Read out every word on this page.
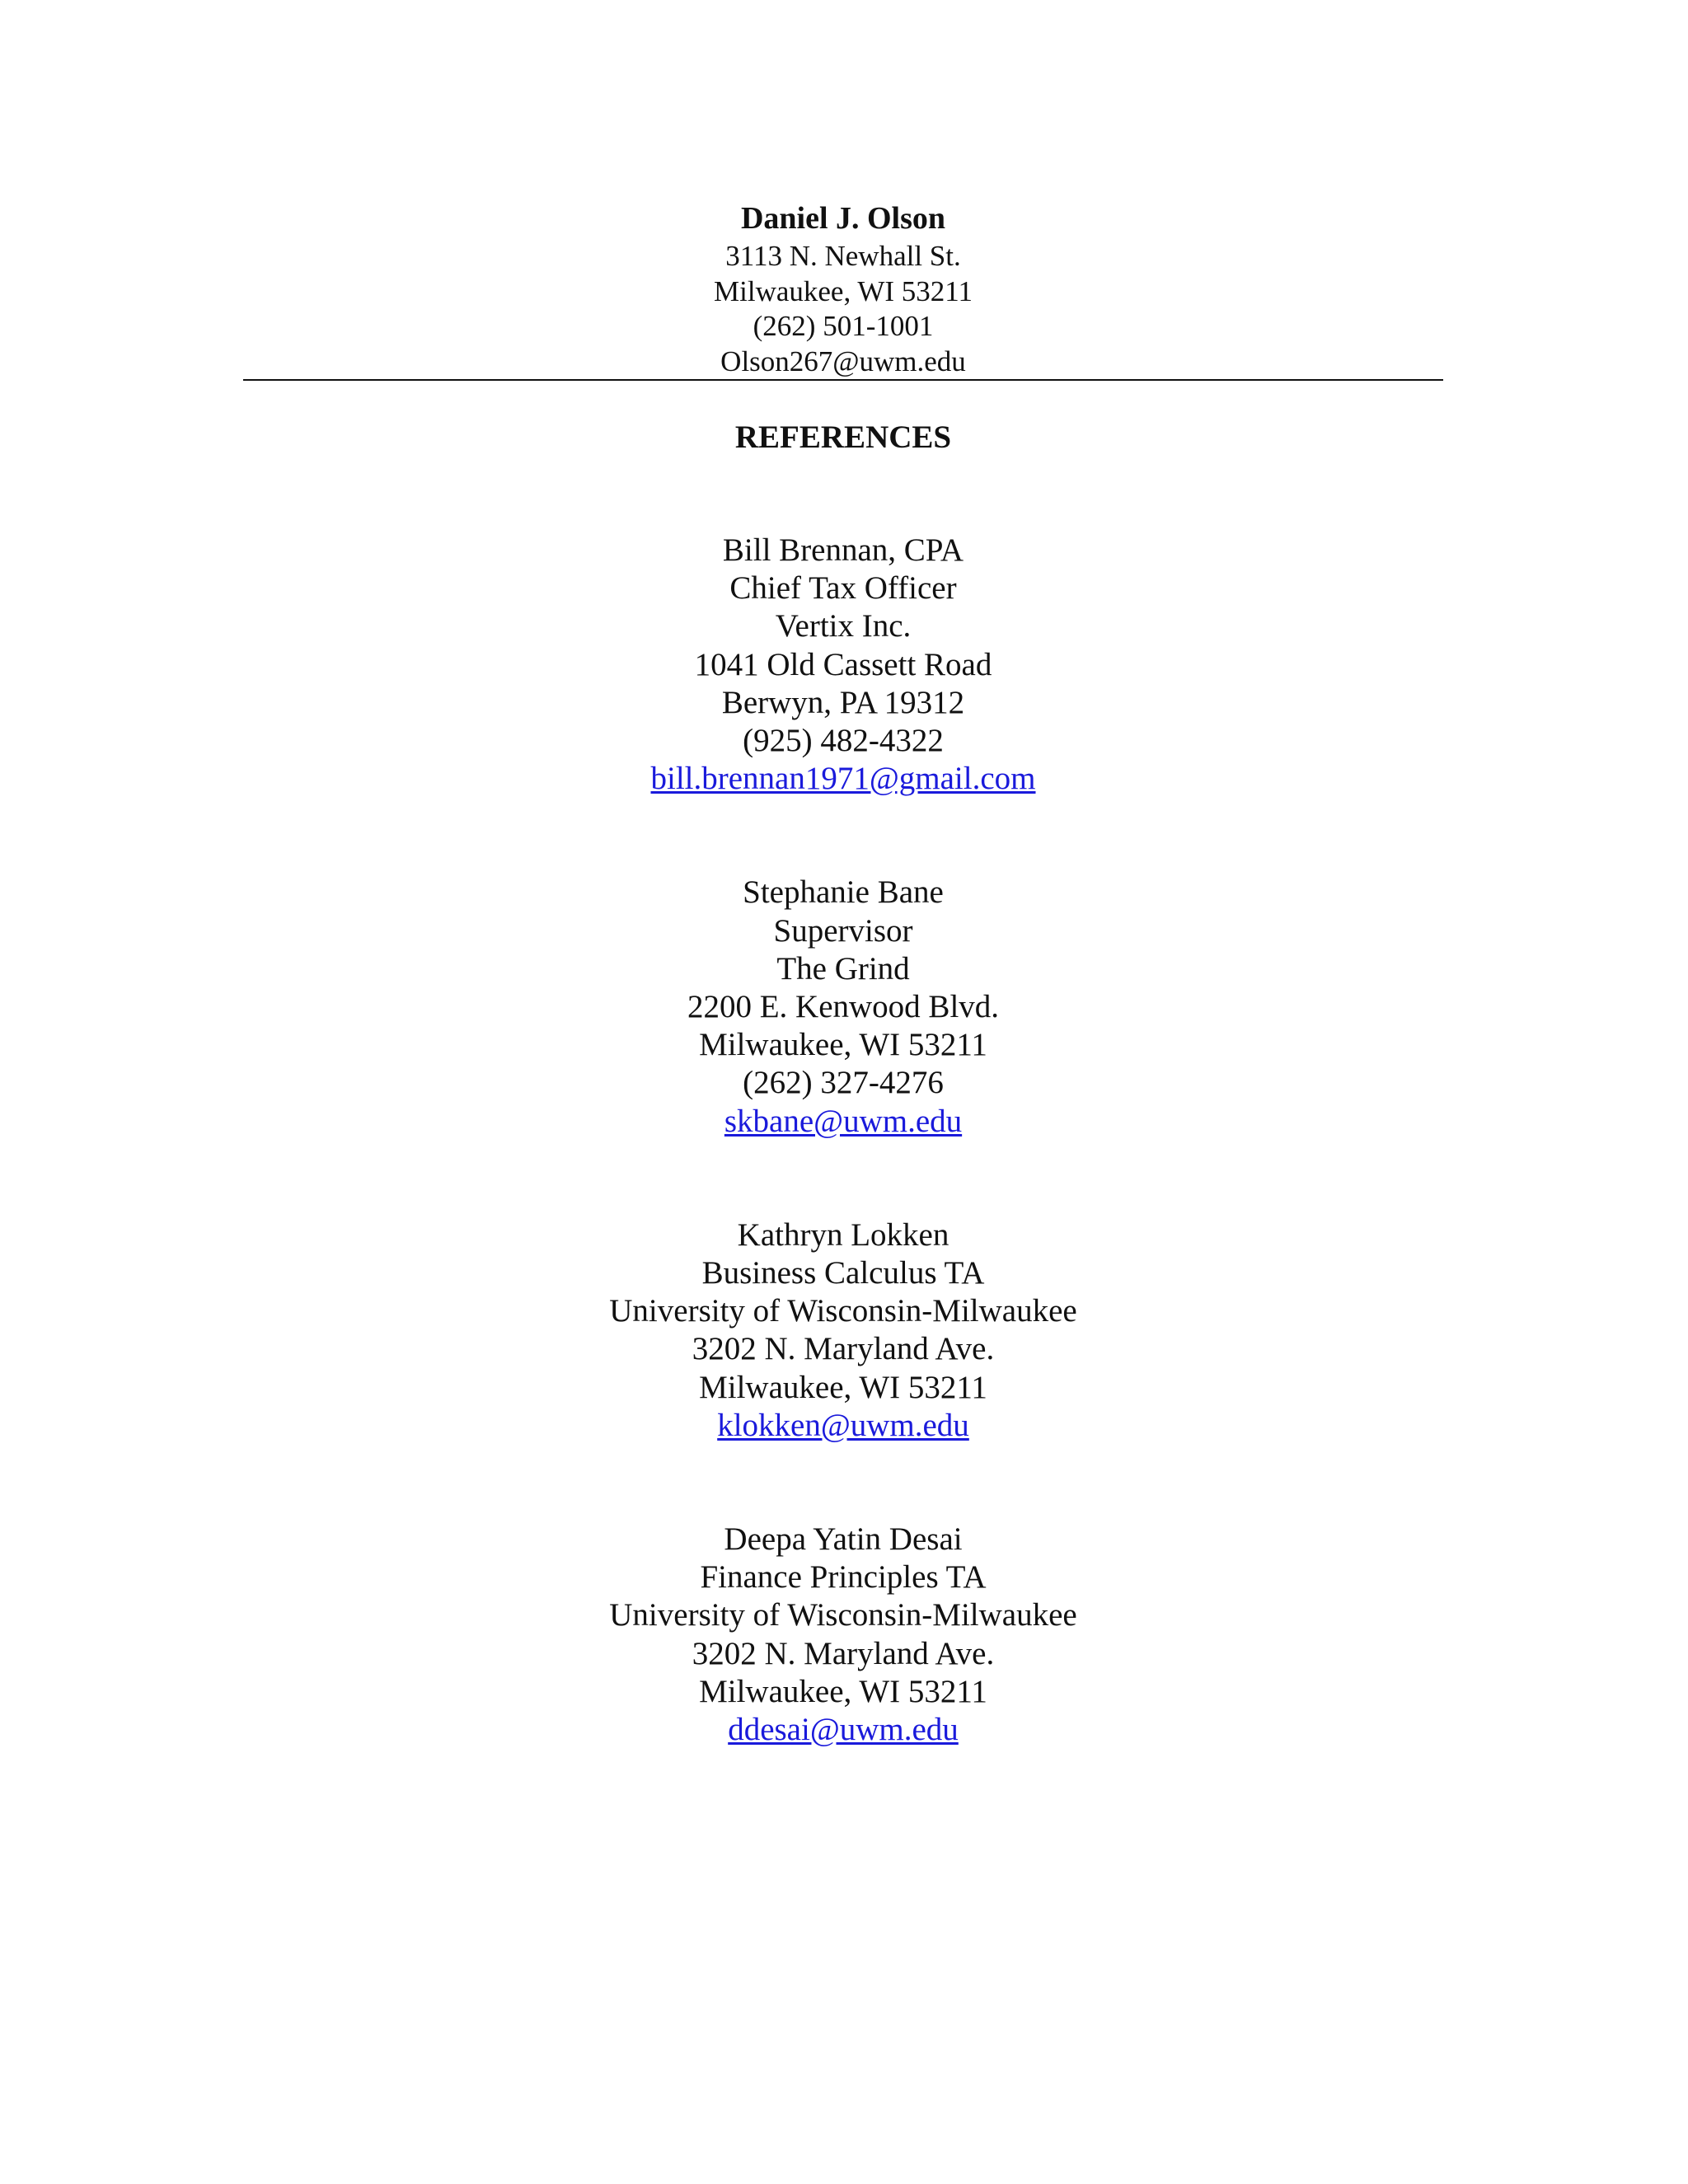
Daniel J. Olson
3113 N. Newhall St.
Milwaukee, WI 53211
(262) 501-1001
Olson267@uwm.edu
REFERENCES
Bill Brennan, CPA
Chief Tax Officer
Vertix Inc.
1041 Old Cassett Road
Berwyn, PA 19312
(925) 482-4322
bill.brennan1971@gmail.com
Stephanie Bane
Supervisor
The Grind
2200 E. Kenwood Blvd.
Milwaukee, WI 53211
(262) 327-4276
skbane@uwm.edu
Kathryn Lokken
Business Calculus TA
University of Wisconsin-Milwaukee
3202 N. Maryland Ave.
Milwaukee, WI 53211
klokken@uwm.edu
Deepa Yatin Desai
Finance Principles TA
University of Wisconsin-Milwaukee
3202 N. Maryland Ave.
Milwaukee, WI 53211
ddesai@uwm.edu
